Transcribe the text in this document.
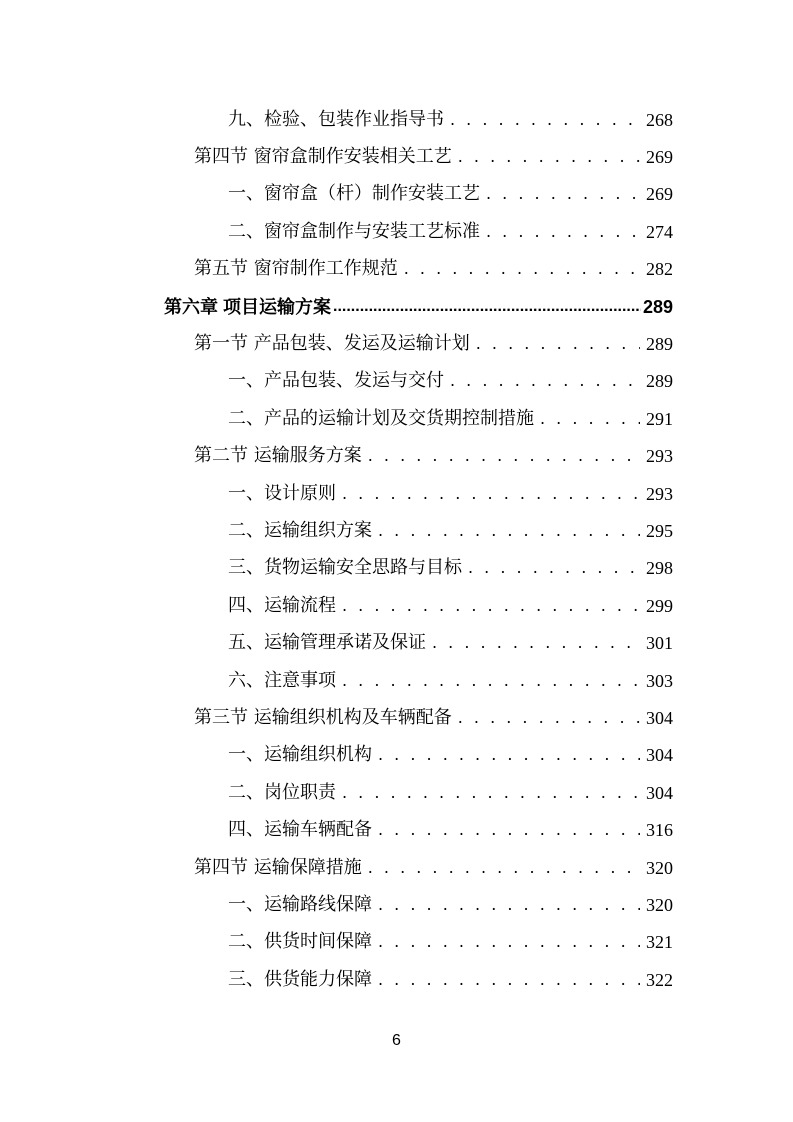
九、检验、包装作业指导书 . . .	268
第四节 窗帘盒制作安装相关工艺 . . .	269
一、窗帘盒（杆）制作安装工艺 . . .	269
二、窗帘盒制作与安装工艺标准 . . .	274
第五节 窗帘制作工作规范 . . .	282
第六章 项目运输方案 .....	289
第一节 产品包装、发运及运输计划 . . .	289
一、产品包装、发运与交付 . . .	289
二、产品的运输计划及交货期控制措施 . . .	291
第二节 运输服务方案 . . .	293
一、设计原则 . . .	293
二、运输组织方案 . . .	295
三、货物运输安全思路与目标 . . .	298
四、运输流程 . . .	299
五、运输管理承诺及保证 . . .	301
六、注意事项 . . .	303
第三节 运输组织机构及车辆配备 . . .	304
一、运输组织机构 . . .	304
二、岗位职责 . . .	304
四、运输车辆配备 . . .	316
第四节 运输保障措施 . . .	320
一、运输路线保障 . . .	320
二、供货时间保障 . . .	321
三、供货能力保障 . . .	322
6
